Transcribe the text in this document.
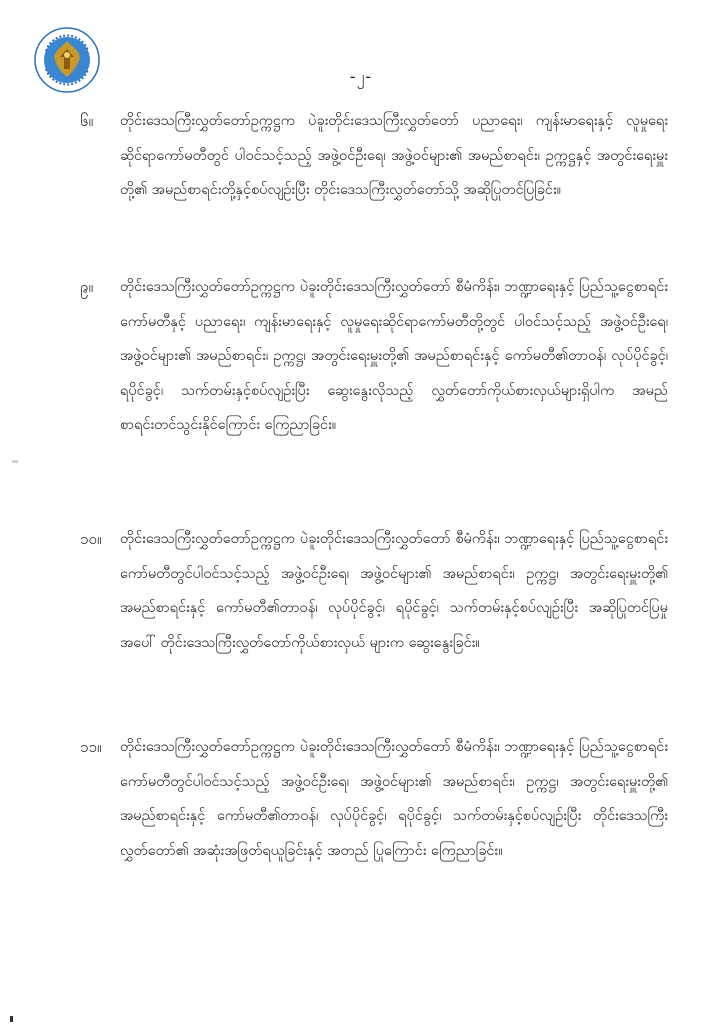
-၂-
၆။ တိုင်းဒေသကြီးလွှတ်တော်ဥက္ကဋ္ဌက ပဲခူးတိုင်းဒေသကြီးလွှတ်တော် ပညာရေး၊ ကျန်းမာရေးနှင့် လူမှုရေးဆိုင်ရာကော်မတီတွင် ပါဝင်သင့်သည့် အဖွဲ့ဝင်ဦးရေ၊ အဖွဲ့ဝင်များ၏ အမည်စာရင်း၊ ဥက္ကဋ္ဌနှင့် အတွင်းရေးမှူးတို့၏ အမည်စာရင်းတို့နှင့်စပ်လျဉ်းပြီး တိုင်းဒေသကြီးလွှတ်တော်သို့ အဆိုပြုတင်ပြခြင်း။
၉။ တိုင်းဒေသကြီးလွှတ်တော်ဥက္ကဋ္ဌက ပဲခူးတိုင်းဒေသကြီးလွှတ်တော် စီမံကိန်း၊ ဘဏ္ဍာရေးနှင့် ပြည်သူ့ငွေစာရင်းကော်မတီနှင့် ပညာရေး၊ ကျန်းမာရေးနှင့် လူမှုရေးဆိုင်ရာကော်မတီတို့တွင် ပါဝင်သင့်သည့် အဖွဲ့ဝင်ဦးရေ၊ အဖွဲ့ဝင်များ၏ အမည်စာရင်း၊ ဥက္ကဋ္ဌ၊ အတွင်းရေးမှူးတို့၏ အမည်စာရင်းနှင့် ကော်မတီ၏တာဝန်၊ လုပ်ပိုင်ခွင့်၊ ရပိုင်ခွင့်၊ သက်တမ်းနှင့်စပ်လျဉ်းပြီး ဆွေးနွေးလိုသည့် လွှတ်တော်ကိုယ်စားလှယ်များရှိပါက အမည်စာရင်းတင်သွင်းနိုင်ကြောင်း ကြေညာခြင်း။
၁၀။ တိုင်းဒေသကြီးလွှတ်တော်ဥက္ကဋ္ဌက ပဲခူးတိုင်းဒေသကြီးလွှတ်တော် စီမံကိန်း၊ ဘဏ္ဍာရေးနှင့် ပြည်သူ့ငွေစာရင်းကော်မတီတွင်ပါဝင်သင့်သည့် အဖွဲ့ဝင်ဦးရေ၊ အဖွဲ့ဝင်များ၏ အမည်စာရင်း၊ ဥက္ကဋ္ဌ၊ အတွင်းရေးမှူးတို့၏ အမည်စာရင်းနှင့် ကော်မတီ၏တာဝန်၊ လုပ်ပိုင်ခွင့်၊ ရပိုင်ခွင့်၊ သက်တမ်းနှင့်စပ်လျဉ်းပြီး အဆိုပြုတင်ပြမှုအပေါ် တိုင်းဒေသကြီးလွှတ်တော်ကိုယ်စားလှယ် များက ဆွေးနွေးခြင်း။
၁၁။ တိုင်းဒေသကြီးလွှတ်တော်ဥက္ကဋ္ဌက ပဲခူးတိုင်းဒေသကြီးလွှတ်တော် စီမံကိန်း၊ ဘဏ္ဍာရေးနှင့် ပြည်သူ့ငွေစာရင်းကော်မတီတွင်ပါဝင်သင့်သည့် အဖွဲ့ဝင်ဦးရေ၊ အဖွဲ့ဝင်များ၏ အမည်စာရင်း၊ ဥက္ကဋ္ဌ၊ အတွင်းရေးမှူးတို့၏ အမည်စာရင်းနှင့် ကော်မတီ၏တာဝန်၊ လုပ်ပိုင်ခွင့်၊ ရပိုင်ခွင့်၊ သက်တမ်းနှင့်စပ်လျဉ်းပြီး တိုင်းဒေသကြီးလွှတ်တော်၏ အဆုံးအဖြတ်ရယူခြင်းနှင့် အတည် ပြုကြောင်း ကြေညာခြင်း။
